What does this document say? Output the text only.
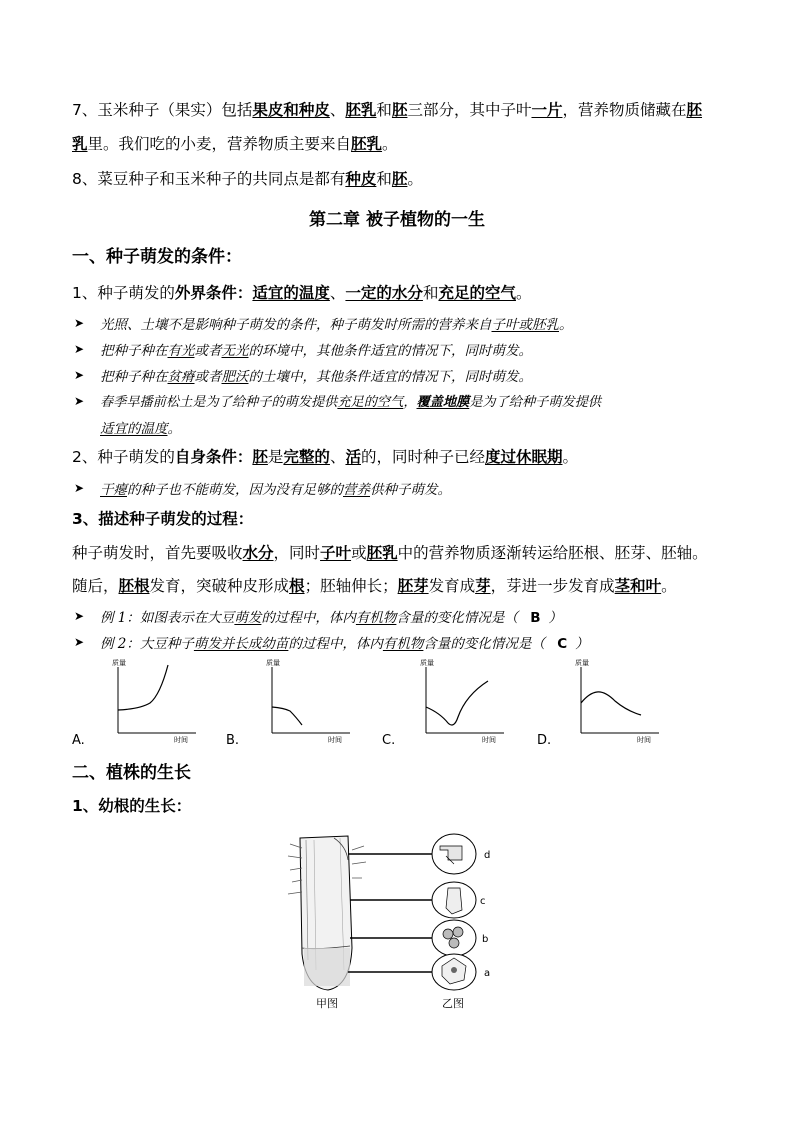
7、玉米种子（果实）包括果皮和种皮、胚乳和胚三部分，其中子叶一片，营养物质储藏在胚
乳里。我们吃的小麦，营养物质主要来自胚乳。
8、菜豆种子和玉米种子的共同点是都有种皮和胚。
第二章 被子植物的一生
一、种子萌发的条件：
1、种子萌发的外界条件：适宜的温度、一定的水分和充足的空气。
➤ 光照、土壤不是影响种子萌发的条件，种子萌发时所需的营养来自子叶或胚乳。
➤ 把种子种在有光或者无光的环境中，其他条件适宜的情况下，同时萌发。
➤ 把种子种在贫瘠或者肥沃的土壤中，其他条件适宜的情况下，同时萌发。
➤ 春季早播前松土是为了给种子的萌发提供充足的空气，覆盖地膜是为了给种子萌发提供
适宜的温度。
2、种子萌发的自身条件：胚是完整的、活的，同时种子已经度过休眠期。
➤ 干瘪的种子也不能萌发，因为没有足够的营养供种子萌发。
3、描述种子萌发的过程：
种子萌发时，首先要吸收水分，同时子叶或胚乳中的营养物质逐渐转运给胚根、胚芽、胚轴。
随后，胚根发育，突破种皮形成根；胚轴伸长；胚芽发育成芽，芽进一步发育成茎和叶。
➤ 例 1：如图表示在大豆萌发的过程中，体内有机物含量的变化情况是（ B ）
➤ 例 2：大豆种子萌发并长成幼苗的过程中，体内有机物含量的变化情况是（ C ）
质量
时间
A.
质量
时间
B.
质量
时间
C.
质量
时间
D.
二、植株的生长
1、幼根的生长：
d
c
b
a
甲图	乙图
